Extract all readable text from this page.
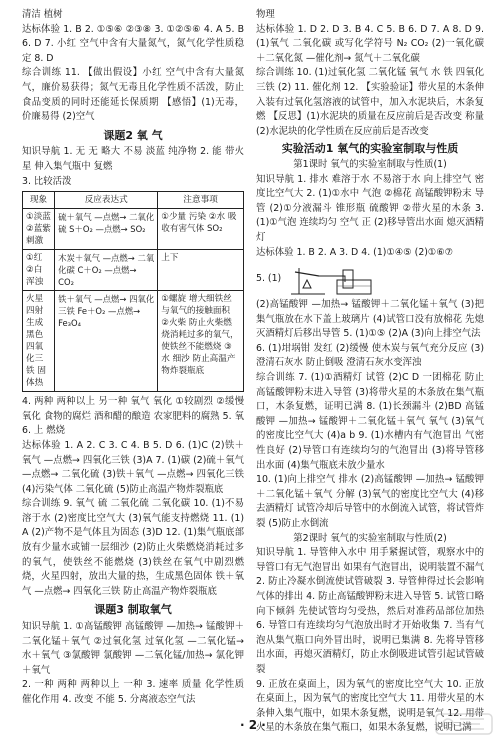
清洁 植树

达标体验 1. B 2. ①⑤⑥ ②③⑧ 3. ①②⑤⑥ 4. A 5. B 6. D 7. 小红 空气中含有大量氮气，氮气化学性质稳定 8. D

综合训练 11. 【做出假设】小红 空气中含有大量氮气，廉价易获得；氮气无毒且化学性质不活泼，防止食品变质的同时还能延长保质期 【感悟】(1)无毒，价廉易得 (2)空气

课题2 氧 气

知识导航 1. 无 无 略大 不易 淡蓝 纯净物 2. 能 带火星 伸入集气瓶中 复燃

3. 比较活泼

现象	反应表达式	注意事项
①淡蓝 ②蓝紫 刺激	硫＋氧气 —点燃→ 二氧化硫 S＋O₂ —点燃→ SO₂	①少量 污染 ②水 吸收有害气体 SO₂
①红 ②白 浑浊	木炭＋氧气 —点燃→ 二氧化碳 C＋O₂ —点燃→ CO₂	上下
火星四射 生成黑色四氧化三铁 固体热	铁＋氧气 —点燃→ 四氧化三铁 Fe＋O₂ —点燃→ Fe₃O₄	①螺旋 增大细铁丝与氧气的接触面积 ②火柴 防止火柴燃烧消耗过多的氧气，使铁丝不能燃烧 ③水 细沙 防止高温产物炸裂瓶底

4. 两种 两种以上 另一种 氧气 氧化 ①较剧烈 ②缓慢氧化 食物的腐烂 酒和醋的酿造 农家肥料的腐熟 5. 氧 6. 上 燃烧

达标体验 1. A 2. C 3. C 4. B 5. D 6. (1)C (2)铁＋氧气 —点燃→ 四氧化三铁 (3)A 7. (1)碳 (2)硫＋氧气 —点燃→ 二氧化硫 (3)铁＋氧气 —点燃→ 四氧化三铁 (4)污染气体 二氧化硫 (5)防止高温产物炸裂瓶底

综合训练 9. 氧气 硫 二氧化硫 二氧化碳 10. (1)不易溶于水 (2)密度比空气大 (3)氧气能支持燃烧 11. (1)A (2)产物不是气体且为固态 (3)D 12. (1)集气瓶底部放有少量水或铺一层细沙 (2)防止火柴燃烧消耗过多的氧气，使铁丝不能燃烧 (3)铁丝在氧气中剧烈燃烧，火星四射，放出大量的热，生成黑色固体 铁＋氧气 —点燃→ 四氧化三铁 防止高温产物炸裂瓶底

课题3 制取氧气

知识导航 1. ①高锰酸钾 高锰酸钾 —加热→ 锰酸钾＋二氧化锰＋氧气 ②过氧化氢 过氧化氢 —二氧化锰→ 水＋氧气 ③氯酸钾 氯酸钾 —二氧化锰/加热→ 氯化钾＋氧气

2. 一种 两种 两种以上 一种 3. 速率 质量 化学性质 催化作用 4. 改变 不能 5. 分离液态空气法

物理

达标体验 1. D 2. D 3. B 4. C 5. B 6. D 7. A 8. D 9. (1)氧气 二氧化碳 或写化学符号 N₂ CO₂ (2)一氧化碳＋二氧化氮 —催化剂→ 氮气＋二氧化碳

综合训练 10. (1)过氧化氢 二氧化锰 氧气 水 铁 四氧化三铁 (2) 11. 催化剂 12. 【实验验证】带火星的木条伸入装有过氧化氢溶液的试管中，加入水泥块后，木条复燃 【反思】(1)水泥块的质量在反应前后是否改变 称量 (2)水泥块的化学性质在反应前后是否改变

实验活动1 氧气的实验室制取与性质

第1课时 氧气的实验室制取与性质(1)

知识导航 1. 排水 难溶于水 不易溶于水 向上排空气 密度比空气大 2. (1)①水中 气泡 ②棉花 高锰酸钾粉末 导管 (2)①分液漏斗 锥形瓶 硫酸钾 ②带火星的木条 3. (1)①气泡 连续均匀 空气 正 (2)移导管出水面 熄灭酒精灯

达标体验 1. B 2. A 3. D 4. (1)①④⑤ (2)①⑥⑦

5. (1)

(2)高锰酸钾 —加热→ 锰酸钾＋二氧化锰＋氧气 (3)把集气瓶放在水下盖上玻璃片 (4)试管口没有放棉花 先熄灭酒精灯后移出导管 5. (1)①⑤ (2)A (3)向上排空气法

6. (1)坩埚钳 发红 (2)缓慢 使木炭与氧气充分反应 (3)澄清石灰水 防止倒吸 澄清石灰水变浑浊

综合训练 7. (1)①酒精灯 试管 (2)C D 一团棉花 防止高锰酸钾粉末进入导管 (3)将带火星的木条放在集气瓶口，木条复燃，证明已满 8. (1)长颈漏斗 (2)BD 高锰酸钾 —加热→ 锰酸钾＋二氧化锰＋氧气 氧气 (3)氧气的密度比空气大 (4)a b 9. (1)水槽内有气泡冒出 气密性良好 (2)导管口有连续均匀的气泡冒出 (3)将导管移出水面 (4)集气瓶底未放少量水

10. (1)向上排空气 排水 (2)高锰酸钾 —加热→ 锰酸钾＋二氧化锰＋氧气 分解 (3)氧气的密度比空气大 (4)移去酒精灯 试管冷却后导管中的水倒流入试管，将试管炸裂 (5)防止水倒流

第2课时 氧气的实验室制取与性质(2)

知识导航 1. 导管伸入水中 用手紧握试管，观察水中的导管口有无气泡冒出 如果有气泡冒出，说明装置不漏气 2. 防止冷凝水倒流使试管破裂 3. 导管伸得过长会影响气体的排出 4. 防止高锰酸钾粉末进入导管 5. 试管口略向下倾斜 先使试管均匀受热，然后对准药品部位加热 6. 导管口有连续均匀气泡放出时才开始收集 7. 当有气泡从集气瓶口向外冒出时，说明已集满 8. 先将导管移出水面，再熄灭酒精灯，防止水倒吸进试管引起试管破裂

9. 正放在桌面上，因为氧气的密度比空气大 10. 正放在桌面上，因为氧气的密度比空气大 11. 用带火星的木条伸入集气瓶中，如果木条复燃，说明是氧气 12. 用带火星的木条放在集气瓶口，如果木条复燃，说明已满

· 2 ·
